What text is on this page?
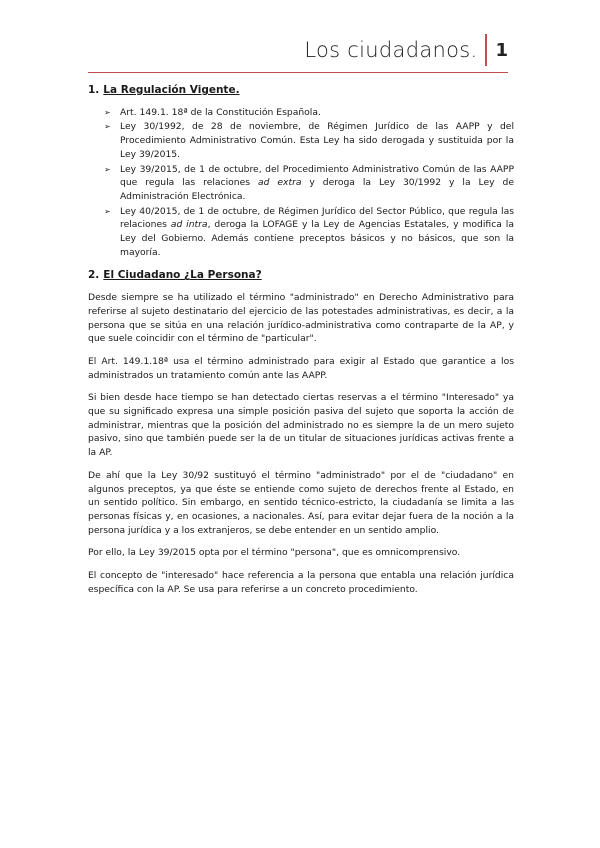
Los ciudadanos. 1
1. La Regulación Vigente.
➢ Art. 149.1. 18ª de la Constitución Española.
➢ Ley 30/1992, de 28 de noviembre, de Régimen Jurídico de las AAPP y del Procedimiento Administrativo Común. Esta Ley ha sido derogada y sustituida por la Ley 39/2015.
➢ Ley 39/2015, de 1 de octubre, del Procedimiento Administrativo Común de las AAPP que regula las relaciones ad extra y deroga la Ley 30/1992 y la Ley de Administración Electrónica.
➢ Ley 40/2015, de 1 de octubre, de Régimen Jurídico del Sector Público, que regula las relaciones ad intra, deroga la LOFAGE y la Ley de Agencias Estatales, y modifica la Ley del Gobierno. Además contiene preceptos básicos y no básicos, que son la mayoría.
2. El Ciudadano ¿La Persona?

Desde siempre se ha utilizado el término "administrado" en Derecho Administrativo para referirse al sujeto destinatario del ejercicio de las potestades administrativas, es decir, a la persona que se sitúa en una relación jurídico-administrativa como contraparte de la AP, y que suele coincidir con el término de "particular".

El Art. 149.1.18ª usa el término administrado para exigir al Estado que garantice a los administrados un tratamiento común ante las AAPP.

Si bien desde hace tiempo se han detectado ciertas reservas a el término "Interesado" ya que su significado expresa una simple posición pasiva del sujeto que soporta la acción de administrar, mientras que la posición del administrado no es siempre la de un mero sujeto pasivo, sino que también puede ser la de un titular de situaciones jurídicas activas frente a la AP.

De ahí que la Ley 30/92 sustituyó el término "administrado" por el de "ciudadano" en algunos preceptos, ya que éste se entiende como sujeto de derechos frente al Estado, en un sentido político. Sin embargo, en sentido técnico-estricto, la ciudadanía se limita a las personas físicas y, en ocasiones, a nacionales. Así, para evitar dejar fuera de la noción a la persona jurídica y a los extranjeros, se debe entender en un sentido amplio.

Por ello, la Ley 39/2015 opta por el término "persona", que es omnicomprensivo.

El concepto de "interesado" hace referencia a la persona que entabla una relación jurídica específica con la AP. Se usa para referirse a un concreto procedimiento.
